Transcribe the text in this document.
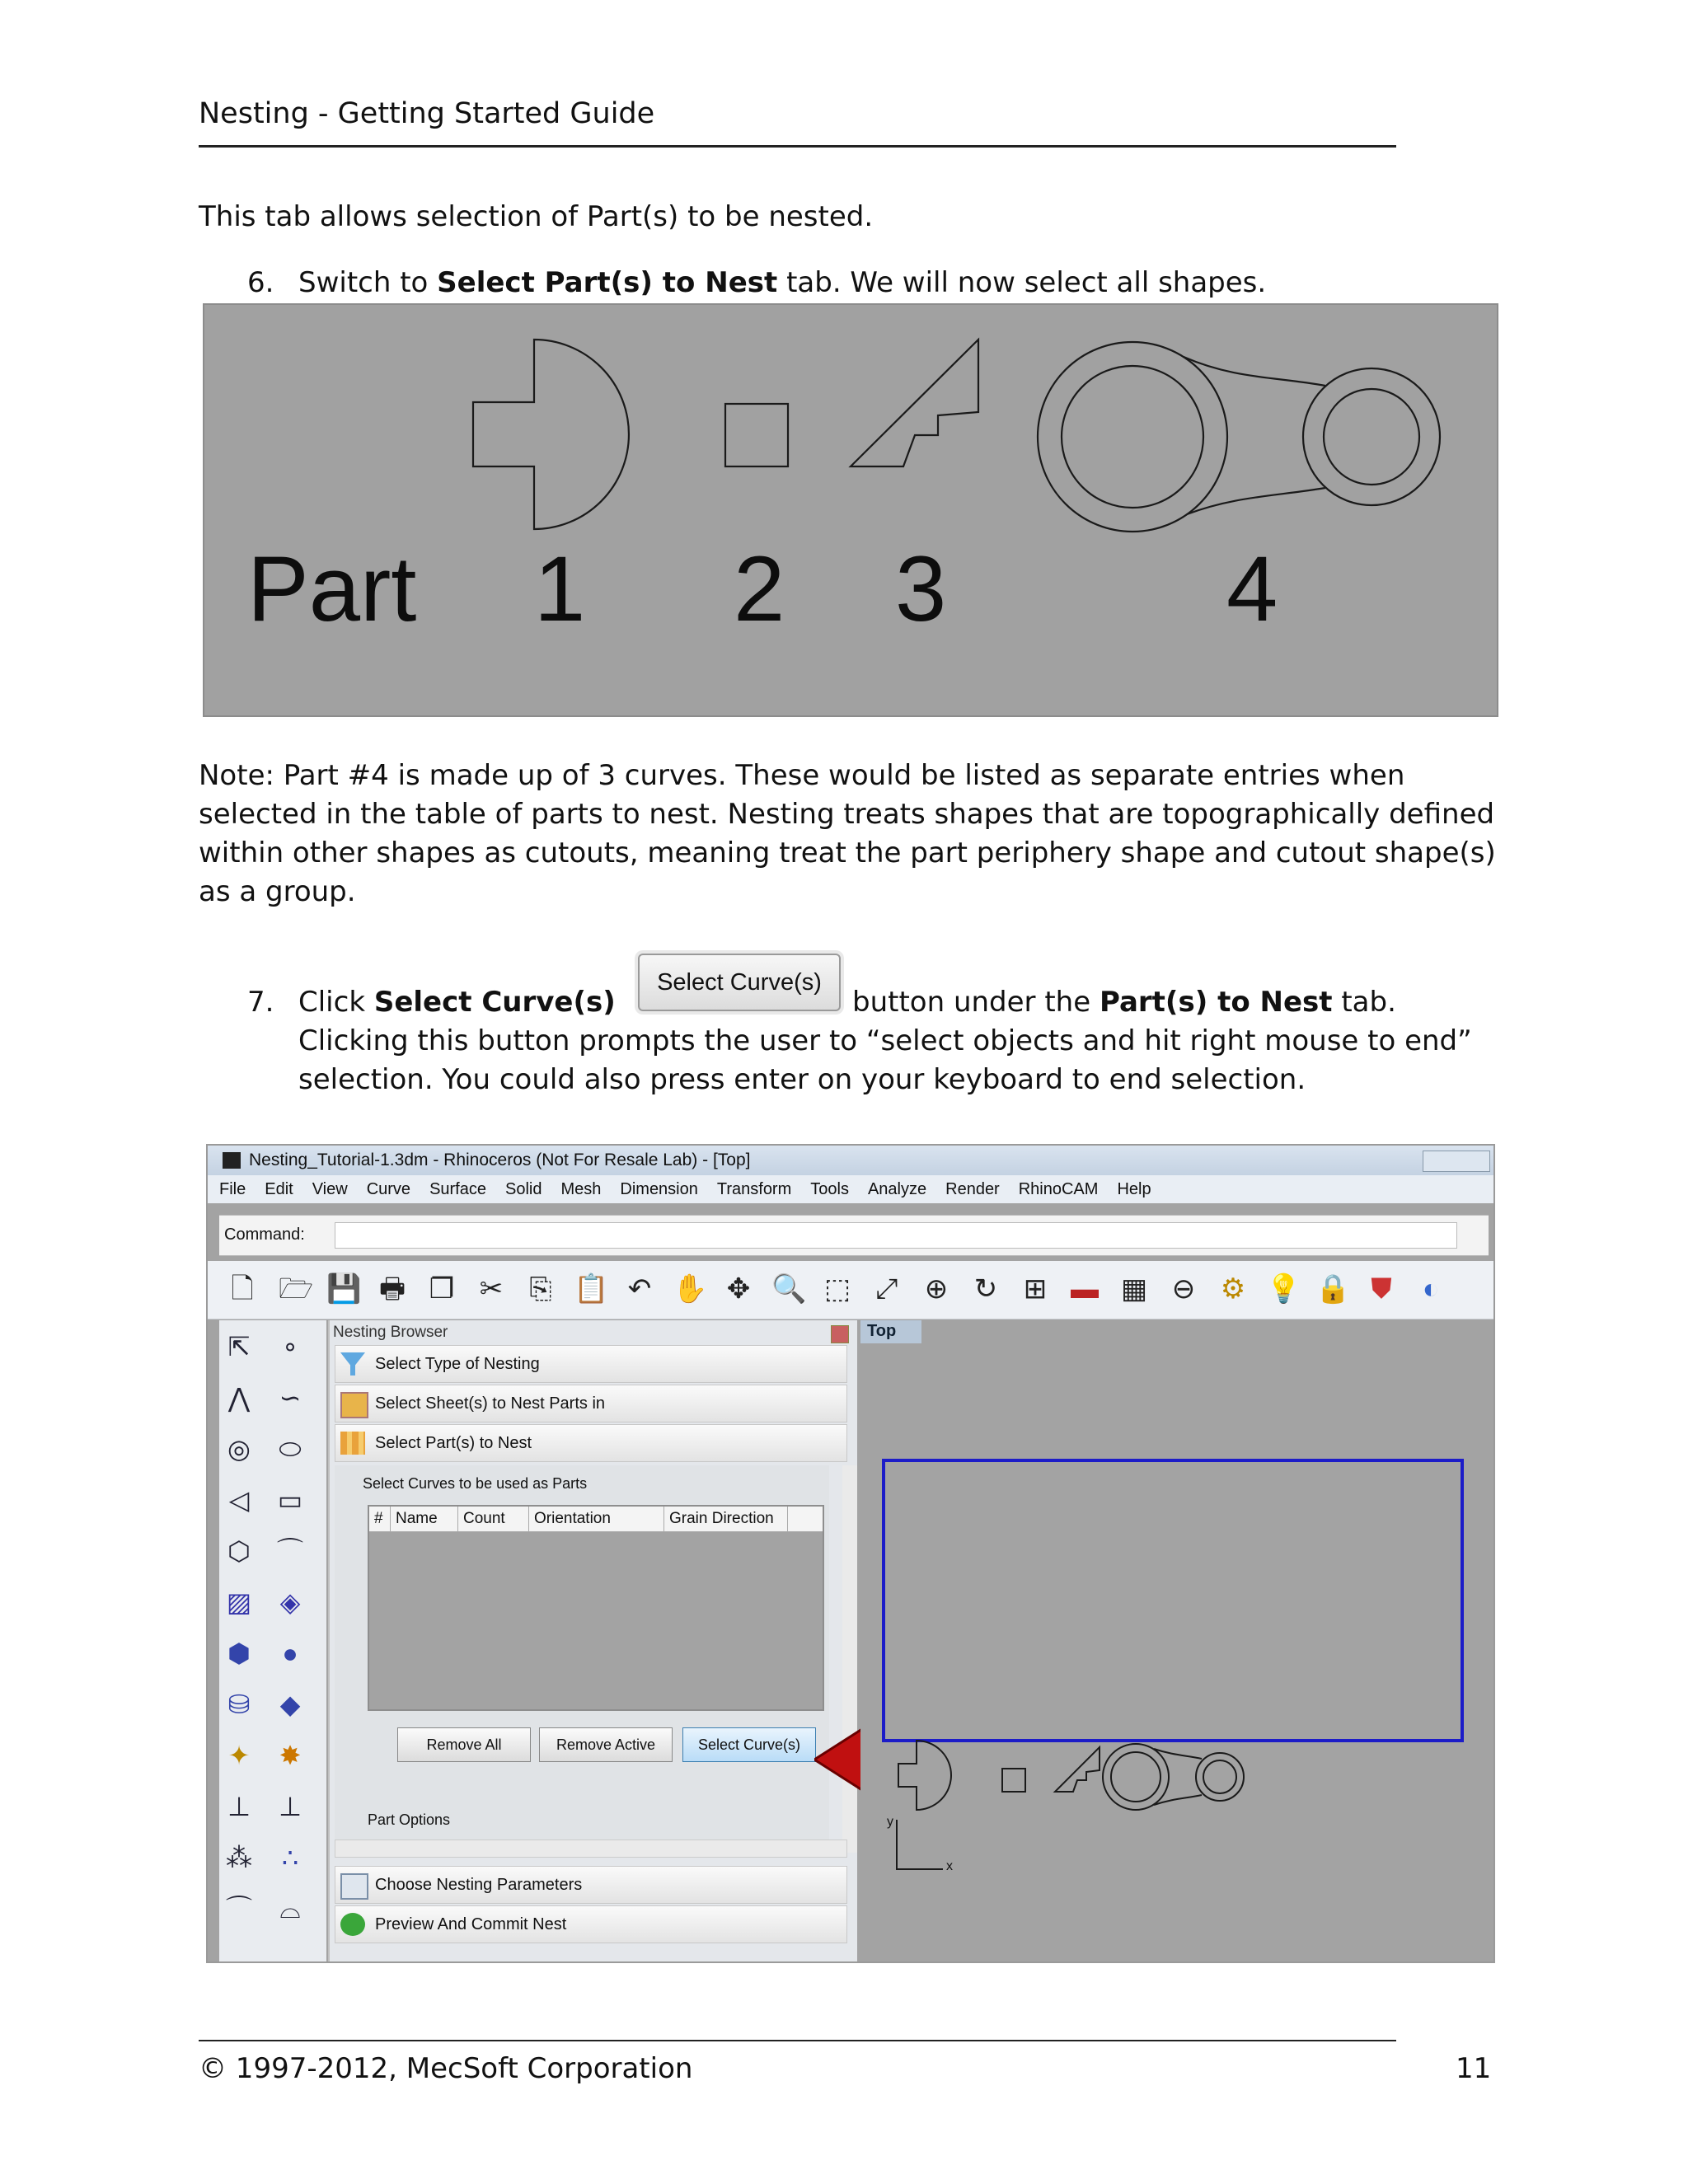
Nesting - Getting Started Guide
This tab allows selection of Part(s) to be nested.
6. Switch to Select Part(s) to Nest tab. We will now select all shapes.
Part 1 2 3	4
Note: Part #4 is made up of 3 curves. These would be listed as separate entries when
selected in the table of parts to nest. Nesting treats shapes that are topographically defined
within other shapes as cutouts, meaning treat the part periphery shape and cutout shape(s)
as a group.
7. Click Select Curve(s)
Select Curve(s)
button under the Part(s) to Nest tab.
Clicking this button prompts the user to “select objects and hit right mouse to end”
selection. You could also press enter on your keyboard to end selection.
Nesting_Tutorial-1.3dm - Rhinoceros (Not For Resale Lab) - [Top]
File Edit View Curve Surface Solid Mesh Dimension Transform Tools Analyze Render RhinoCAM Help
Command:
🗋 🗁 💾 🖶 ❐ ✂ ⎘ 📋 ↶ ✋ ✥ 🔍 ⬚ ⤢ ⊕ ↻ ⊞ ▬ ▦ ⊖ ⚙ 💡 🔒 ⛊ ◐
⇱	∘
⋀ ∽
◎ ⬭
◁	▭
⬡ ⌒
▨	◈
⬢	●
⛁	◆
✦ ✸
⊥ ⊥
⁂	∴
⌒ ⌓
Nesting Browser
Select Type of Nesting
Select Sheet(s) to Nest Parts in
Select Part(s) to Nest
Select Curves to be used as Parts
# Name	Count	Orientation	Grain Direction
Remove All	Remove Active	Select Curve(s)
Part Options
Choose Nesting Parameters
Preview And Commit Nest
Top
y
x
© 1997-2012, MecSoft Corporation	11
